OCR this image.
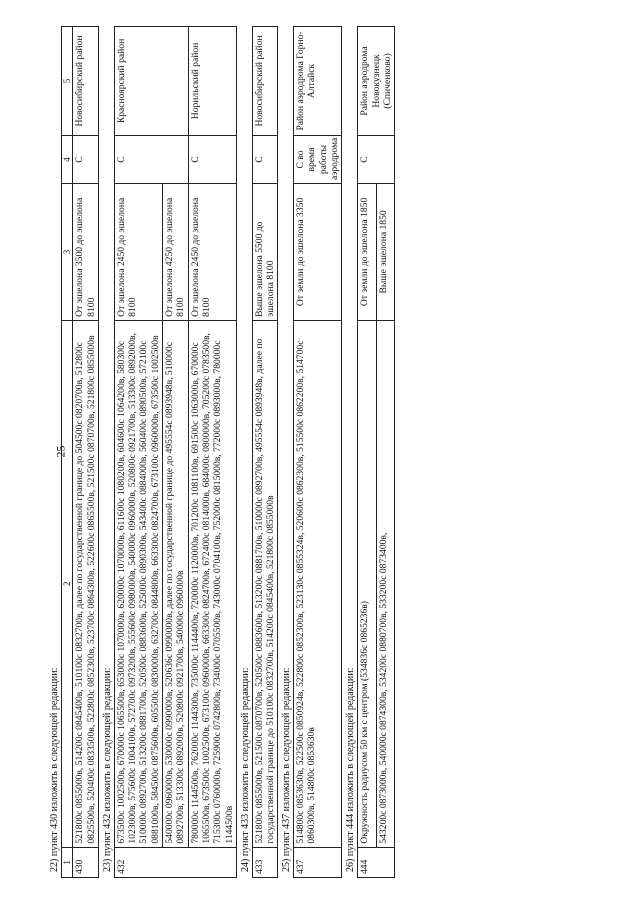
25
22) пункт 430 изложить в следующей редакции: 1	2	3	4	5
430	521800с 0855000в, 514200с 0845400в, 510100с 0832700в, далее по государственной границе до 504500с 0820700в, 512800с 0825500в, 520400с 0833500в, 522800с 0852300в, 523700с 0864300в, 522600с 0865500в, 521500с 0870700в, 521800с 0855000в	От эшелона 3500 до эшелона 8100	С	Новосибирский район
23) пункт 432 изложить в следующей редакции: 432	673500с 1002500в, 670000с 1065500в, 653000с 1070000в, 620000с 1070000в, 611600с 1080200в, 604600с 1064200в, 580300с 1023000в, 575600с 1004100в, 572700с 0973200в, 555600с 0980000в, 540000с 0960000в, 520800с 0921700в, 513300с 0892000в, 510000с 0892700в, 513200с 0881700в, 520500с 0883600в, 525000с 0890300в, 543400с 0884000в, 560400с 0890500в, 572100с 0881000в, 584500с 0875600в, 605500с 0830000в, 632700с 0844800в, 663300с 0824700в, 673100с 0960000в, 673500с 1002500в	От эшелона 2450 до эшелона 8100	С	Красноярский район
	540000с 0960000в, 530000с 0990000в, 520636с 0990000в, далее по государственной границе до 495554с 0893948в, 510000с 0892700в, 513300с 0892000в, 520800с 0921700в, 540000с 0960000в	От эшелона 4250 до эшелона 8100		
	780000с 1144500в, 762000с 1144300в, 735000с 1144400в, 720000с 1120000в, 701200с 1081100в, 691500с 1063000в, 670000с 1065500в, 673500с 1002500в, 673100с 0960000в, 663300с 0824700в, 672400с 0814000в, 684000с 0800000в, 705200с 0783500в, 715300с 0760000в, 725900с 0742800в, 734000с 0705500в, 743000с 0704100в, 752000с 0815000в, 772000с 0893000в, 780000с 1144500в	От эшелона 2450 до эшелона 8100	С	Норильский район
24) пункт 433 изложить в следующей редакции: 433	521800с 0855000в, 521500с 0870700в, 520500с 0883600в, 513200с 0881700в, 510000с 0892700в, 495554с 0893948в, далее по государственной границе до 510100с 0832700в, 514200с 0845400в, 521800с 0855000в	Выше эшелона 5500 до эшелона 8100	С	Новосибирский район
25) пункт 437 изложить в следующей редакции: 437	514800с 0853630в, 522500с 0850924в, 522800с 0852300в, 523130с 0855324в, 520600с 0862300в, 515500с 0862200в, 514700с 0860300в, 514800с 0853630в	От земли до эшелона 3350	С во время работы аэродрома	Район аэродрома Горно-Алтайск
26) пункт 444 изложить в следующей редакции: 444	Окружность радиусом 50 км с центром (534836с 0865236в)	От земли до эшелона 1850	С	Район аэродрома Новокузнецк (Спиченково)
	543200с 0873000в, 540000с 0874300в, 534200с 0880700в, 533200с 0873400в,	Выше эшелона 1850		
